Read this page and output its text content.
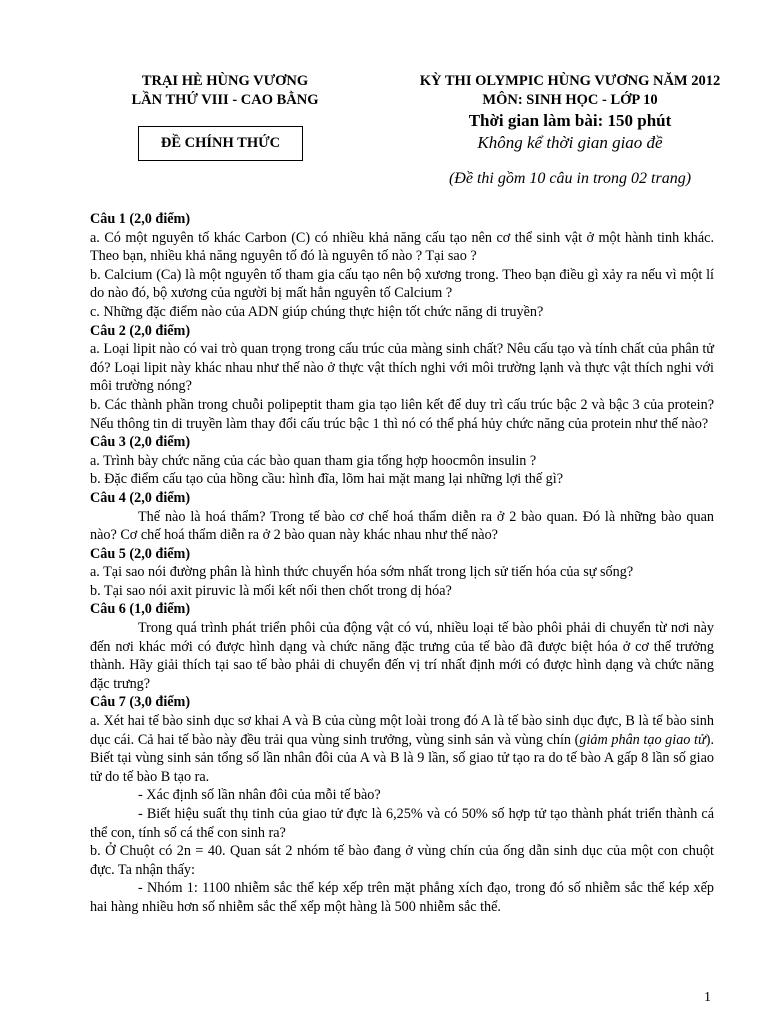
TRẠI HÈ HÙNG VƯƠNG
LẦN THỨ VIII - CAO BẰNG
ĐỀ CHÍNH THỨC
KỲ THI OLYMPIC HÙNG VƯƠNG NĂM 2012
MÔN: SINH HỌC - LỚP 10
Thời gian làm bài: 150 phút
Không kể thời gian giao đề
(Đề thi gồm 10 câu in trong 02 trang)

Câu 1 (2,0 điểm)

a. Có một nguyên tố khác Carbon (C) có nhiều khả năng cấu tạo nên cơ thể sinh vật ở một hành tinh khác. Theo bạn, nhiều khả năng nguyên tố đó là nguyên tố nào ? Tại sao ?

b. Calcium (Ca) là một nguyên tố tham gia cấu tạo nên bộ xương trong. Theo bạn điều gì xảy ra nếu vì một lí do nào đó, bộ xương của người bị mất hẳn nguyên tố Calcium ?

c. Những đặc điểm nào của ADN giúp chúng thực hiện tốt chức năng di truyền?

Câu 2 (2,0 điểm)

a. Loại lipit nào có vai trò quan trọng trong cấu trúc của màng sinh chất? Nêu cấu tạo và tính chất của phân tử đó? Loại lipit này khác nhau như thế nào ở thực vật thích nghi với môi trường lạnh và thực vật thích nghi với môi trường nóng?

b. Các thành phần trong chuỗi polipeptit tham gia tạo liên kết để duy trì cấu trúc bậc 2 và bậc 3 của protein? Nếu thông tin di truyền làm thay đổi cấu trúc bậc 1 thì nó có thể phá hủy chức năng của protein như thế nào?

Câu 3 (2,0 điểm)

a. Trình bày chức năng của các bào quan tham gia tổng hợp hoocmôn insulin ?

b. Đặc điểm cấu tạo của hồng cầu: hình đĩa, lõm hai mặt mang lại những lợi thế gì?

Câu 4 (2,0 điểm)

Thế nào là hoá thẩm? Trong tế bào cơ chế hoá thẩm diễn ra ở 2 bào quan. Đó là những bào quan nào? Cơ chế hoá thẩm diễn ra ở 2 bào quan này khác nhau như thế nào?

Câu 5 (2,0 điểm)

a. Tại sao nói đường phân là hình thức chuyển hóa sớm nhất trong lịch sử tiến hóa của sự sống?

b. Tại sao nói axit piruvic là mối kết nối then chốt trong dị hóa?

Câu 6 (1,0 điểm)

Trong quá trình phát triển phôi của động vật có vú, nhiều loại tế bào phôi phải di chuyển từ nơi này đến nơi khác mới có được hình dạng và chức năng đặc trưng của tế bào đã được biệt hóa ở cơ thể trưởng thành. Hãy giải thích tại sao tế bào phải di chuyển đến vị trí nhất định mới có được hình dạng và chức năng đặc trưng?

Câu 7 (3,0 điểm)

a. Xét hai tế bào sinh dục sơ khai A và B của cùng một loài trong đó A là tế bào sinh dục đực, B là tế bào sinh dục cái. Cả hai tế bào này đều trải qua vùng sinh trưởng, vùng sinh sản và vùng chín (giảm phân tạo giao tử). Biết tại vùng sinh sản tổng số lần nhân đôi của A và B là 9 lần, số giao tử tạo ra do tế bào A gấp 8 lần số giao tử do tế bào B tạo ra.

- Xác định số lần nhân đôi của mỗi tế bào?

- Biết hiệu suất thụ tinh của giao tử đực là 6,25% và có 50% số hợp tử tạo thành phát triển thành cá thể con, tính số cá thể con sinh ra?

b. Ở Chuột có 2n = 40. Quan sát 2 nhóm tế bào đang ở vùng chín của ống dẫn sinh dục của một con chuột đực. Ta nhận thấy:

- Nhóm 1: 1100 nhiễm sắc thể kép xếp trên mặt phẳng xích đạo, trong đó số nhiễm sắc thể kép xếp hai hàng nhiều hơn số nhiễm sắc thể xếp một hàng là 500 nhiễm sắc thể.

1
